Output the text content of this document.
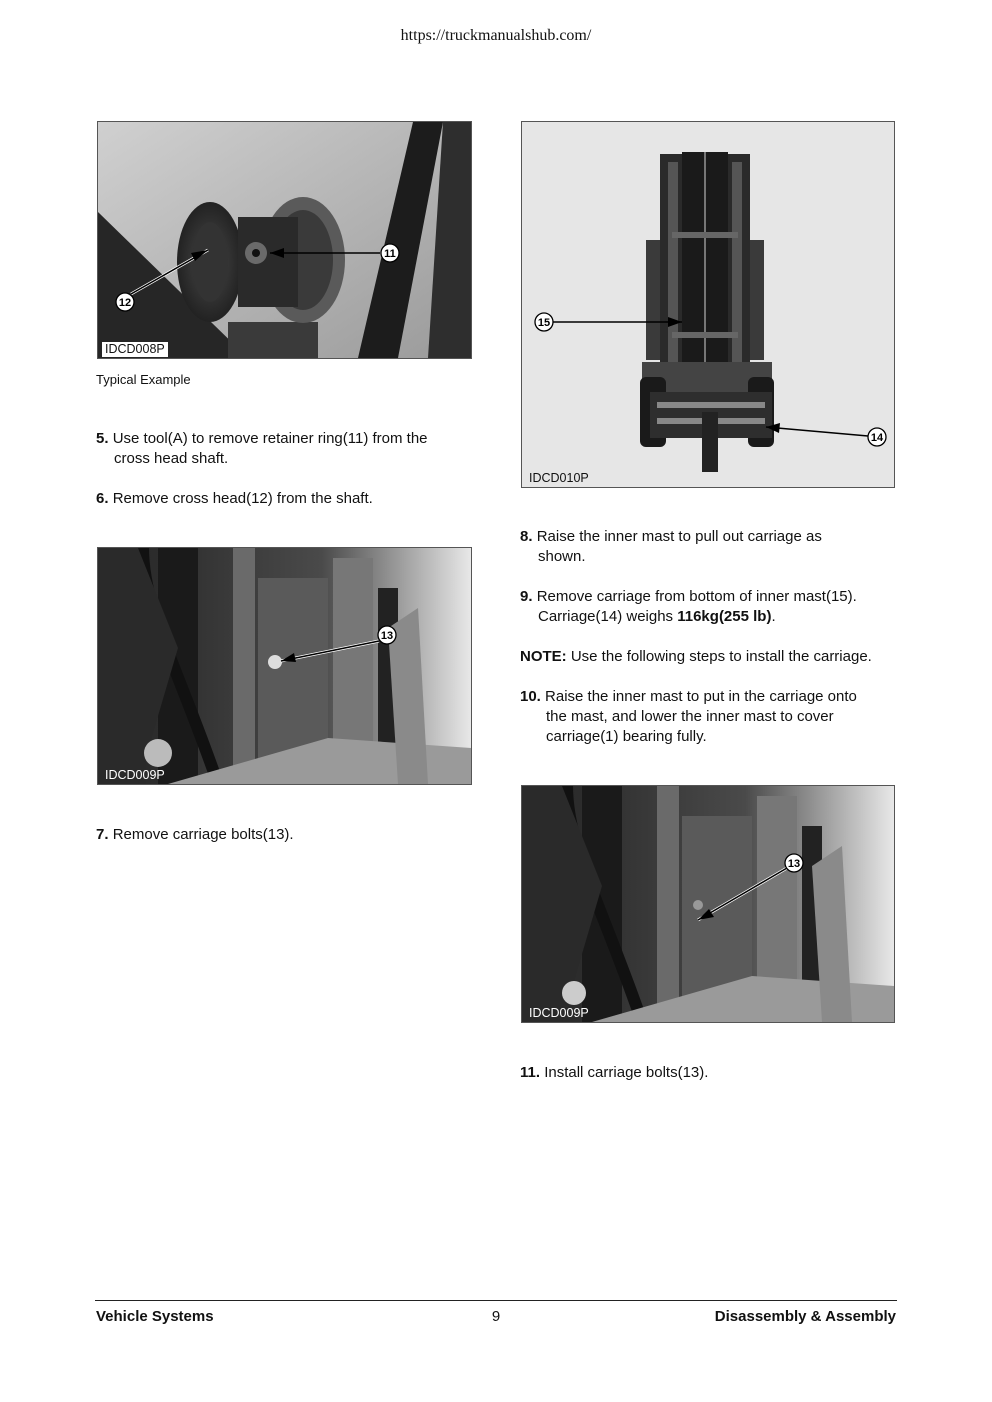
https://truckmanualshub.com/
11
12
IDCD008P
Typical Example
5. Use tool(A) to remove retainer ring(11) from the
cross head shaft.
6. Remove cross head(12) from the shaft.
13
IDCD009P
7. Remove carriage bolts(13).
15
14
IDCD010P
8. Raise the inner mast to pull out carriage as
shown.
9. Remove carriage from bottom of inner mast(15).
Carriage(14) weighs 116kg(255 lb).
NOTE: Use the following steps to install the carriage.
10. Raise the inner mast to put in the carriage onto
the mast, and lower the inner mast to cover
carriage(1) bearing fully.
13
IDCD009P
11. Install carriage bolts(13).
Vehicle Systems	9	Disassembly & Assembly
